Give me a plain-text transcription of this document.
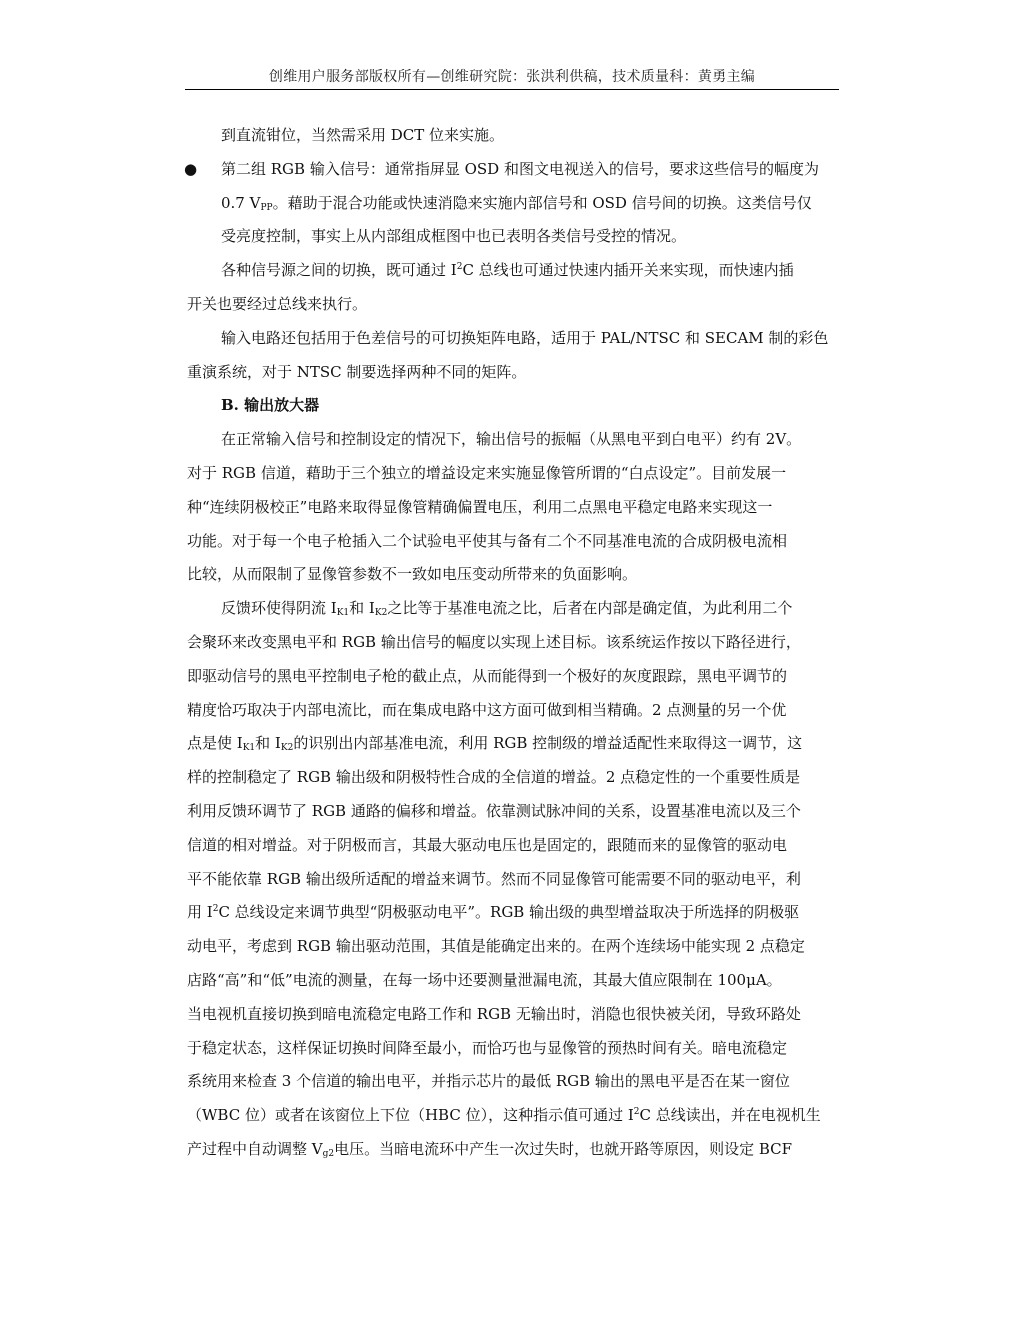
创维用户服务部版权所有—创维研究院：张洪利供稿，技术质量科：黄勇主编
到直流钳位，当然需采用 DCT 位来实施。
●	第二组 RGB 输入信号：通常指屏显 OSD 和图文电视送入的信号，要求这些信号的幅度为
0.7 $V_{PP}$。藉助于混合功能或快速消隐来实施内部信号和 OSD 信号间的切换。这类信号仅
受亮度控制，事实上从内部组成框图中也已表明各类信号受控的情况。
各种信号源之间的切换，既可通过 $I^2C$ 总线也可通过快速内插开关来实现，而快速内插
开关也要经过总线来执行。
输入电路还包括用于色差信号的可切换矩阵电路，适用于 PAL/NTSC 和 SECAM 制的彩色
重演系统，对于 NTSC 制要选择两种不同的矩阵。
B. 输出放大器
在正常输入信号和控制设定的情况下，输出信号的振幅（从黑电平到白电平）约有 2V。
对于 RGB 信道，藉助于三个独立的增益设定来实施显像管所谓的“白点设定”。目前发展一
种“连续阴极校正”电路来取得显像管精确偏置电压，利用二点黑电平稳定电路来实现这一
功能。对于每一个电子枪插入二个试验电平使其与备有二个不同基准电流的合成阴极电流相
比较，从而限制了显像管参数不一致如电压变动所带来的负面影响。
反馈环使得阴流 $I_{K1}$和 $I_{K2}$之比等于基准电流之比，后者在内部是确定值，为此利用二个
会聚环来改变黑电平和 RGB 输出信号的幅度以实现上述目标。该系统运作按以下路径进行，
即驱动信号的黑电平控制电子枪的截止点，从而能得到一个极好的灰度跟踪，黑电平调节的
精度恰巧取决于内部电流比，而在集成电路中这方面可做到相当精确。2 点测量的另一个优
点是使 $I_{K1}$和 $I_{K2}$的识别出内部基准电流，利用 RGB 控制级的增益适配性来取得这一调节，这
样的控制稳定了 RGB 输出级和阴极特性合成的全信道的增益。2 点稳定性的一个重要性质是
利用反馈环调节了 RGB 通路的偏移和增益。依靠测试脉冲间的关系，设置基准电流以及三个
信道的相对增益。对于阴极而言，其最大驱动电压也是固定的，跟随而来的显像管的驱动电
平不能依靠 RGB 输出级所适配的增益来调节。然而不同显像管可能需要不同的驱动电平，利
用 $I^2C$ 总线设定来调节典型“阴极驱动电平”。RGB 输出级的典型增益取决于所选择的阴极驱
动电平，考虑到 RGB 输出驱动范围，其值是能确定出来的。在两个连续场中能实现 2 点稳定
店路“高”和“低”电流的测量，在每一场中还要测量泄漏电流，其最大值应限制在 100μA。
当电视机直接切换到暗电流稳定电路工作和 RGB 无输出时，消隐也很快被关闭，导致环路处
于稳定状态，这样保证切换时间降至最小，而恰巧也与显像管的预热时间有关。暗电流稳定
系统用来检查 3 个信道的输出电平，并指示芯片的最低 RGB 输出的黑电平是否在某一窗位
（WBC 位）或者在该窗位上下位（HBC 位），这种指示值可通过 $I^2C$ 总线读出，并在电视机生
产过程中自动调整 $V_{g2}$电压。当暗电流环中产生一次过失时，也就开路等原因，则设定 BCF
